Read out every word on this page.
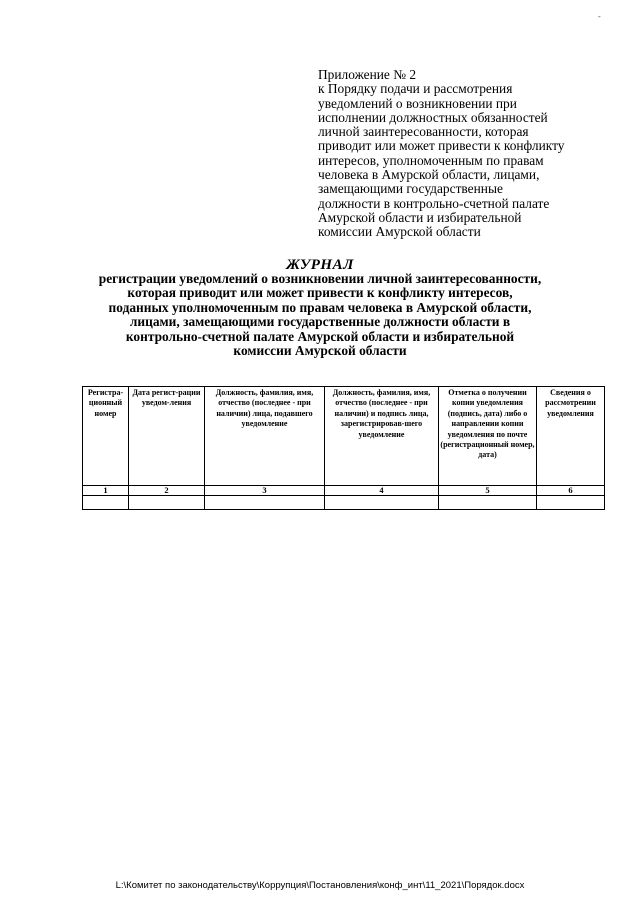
-
Приложение № 2
к Порядку подачи и рассмотрения
уведомлений о возникновении при
исполнении должностных обязанностей
личной заинтересованности, которая
приводит или может привести к конфликту
интересов, уполномоченным по правам
человека в Амурской области, лицами,
замещающими государственные
должности в контрольно-счетной палате
Амурской области и избирательной
комиссии Амурской области
ЖУРНАЛ
регистрации уведомлений о возникновении личной заинтересованности,
которая приводит или может привести к конфликту интересов,
поданных уполномоченным по правам человека в Амурской области,
лицами, замещающими государственные должности области в
контрольно-счетной палате Амурской области и избирательной
комиссии Амурской области
Регистра-ционный номер	Дата регист-рации уведом-ления	Должность, фамилия, имя, отчество (последнее - при наличии) лица, подавшего уведомление	Должность, фамилия, имя, отчество (последнее - при наличии) и подпись лица, зарегистрировав-шего уведомление	Отметка о получении копии уведомления (подпись, дата) либо о направлении копии уведомления по почте (регистрационный номер, дата)	Сведения о рассмотрении уведомления
1	2	3	4	5	6

L:\Комитет по законодательству\Коррупция\Постановления\конф_инт\11_2021\Порядок.docx
